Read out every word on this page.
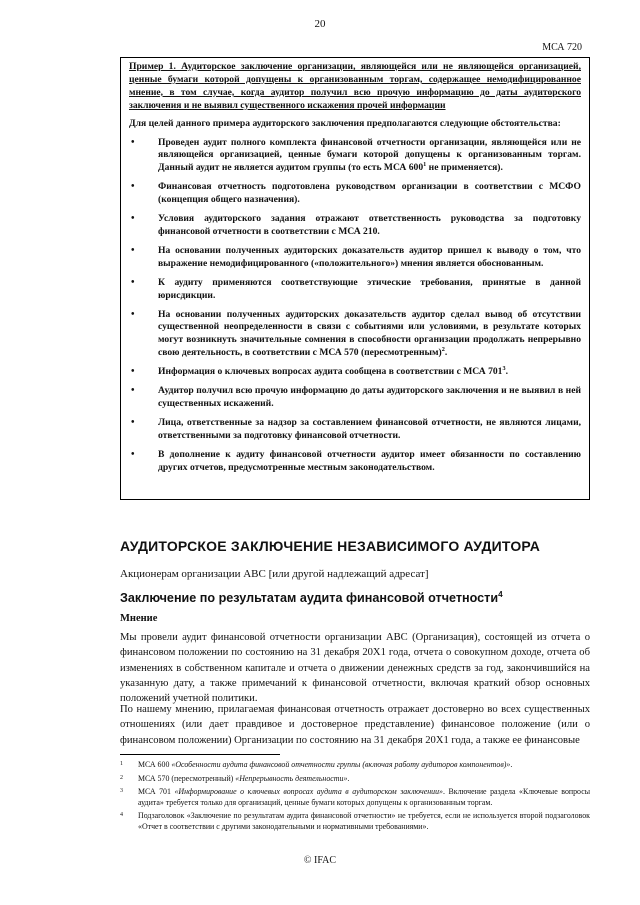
20
МСА 720

Пример 1. Аудиторское заключение организации, являющейся или не являющейся организацией, ценные бумаги которой допущены к организованным торгам, содержащее немодифицированное мнение, в том случае, когда аудитор получил всю прочую информацию до даты аудиторского заключения и не выявил существенного искажения прочей информации

Для целей данного примера аудиторского заключения предполагаются следующие обстоятельства:

• Проведен аудит полного комплекта финансовой отчетности организации, являющейся или не являющейся организацией, ценные бумаги которой допущены к организованным торгам. Данный аудит не является аудитом группы (то есть МСА $600^1$ не применяется).
• Финансовая отчетность подготовлена руководством организации в соответствии с МСФО (концепция общего назначения).
• Условия аудиторского задания отражают ответственность руководства за подготовку финансовой отчетности в соответствии с МСА 210.
• На основании полученных аудиторских доказательств аудитор пришел к выводу о том, что выражение немодифицированного («положительного») мнения является обоснованным.
• К аудиту применяются соответствующие этические требования, принятые в данной юрисдикции.
• На основании полученных аудиторских доказательств аудитор сделал вывод об отсутствии существенной неопределенности в связи с событиями или условиями, в результате которых могут возникнуть значительные сомнения в способности организации продолжать непрерывно свою деятельность, в соответствии с МСА 570 (пересмотренным)$^2$.
• Информация о ключевых вопросах аудита сообщена в соответствии с МСА $701^3$.
• Аудитор получил всю прочую информацию до даты аудиторского заключения и не выявил в ней существенных искажений.
• Лица, ответственные за надзор за составлением финансовой отчетности, не являются лицами, ответственными за подготовку финансовой отчетности.
• В дополнение к аудиту финансовой отчетности аудитор имеет обязанности по составлению других отчетов, предусмотренные местным законодательством.
АУДИТОРСКОЕ ЗАКЛЮЧЕНИЕ НЕЗАВИСИМОГО АУДИТОРА
Акционерам организации ABC [или другой надлежащий адресат]
Заключение по результатам аудита финансовой отчетности$^4$
Мнение

Мы провели аудит финансовой отчетности организации ABC (Организация), состоящей из отчета о финансовом положении по состоянию на 31 декабря 20X1 года, отчета о совокупном доходе, отчета об изменениях в собственном капитале и отчета о движении денежных средств за год, закончившийся на указанную дату, а также примечаний к финансовой отчетности, включая краткий обзор основных положений учетной политики.

По нашему мнению, прилагаемая финансовая отчетность отражает достоверно во всех существенных отношениях (или дает правдивое и достоверное представление) финансовое положение (или о финансовом положении) Организации по состоянию на 31 декабря 20X1 года, а также ее финансовые

1 МСА 600 «Особенности аудита финансовой отчетности группы (включая работу аудиторов компонентов)».
2 МСА 570 (пересмотренный) «Непрерывность деятельности».
3 МСА 701 «Информирование о ключевых вопросах аудита в аудиторском заключении». Включение раздела «Ключевые вопросы аудита» требуется только для организаций, ценные бумаги которых допущены к организованным торгам.
4 Подзаголовок «Заключение по результатам аудита финансовой отчетности» не требуется, если не используется второй подзаголовок «Отчет в соответствии с другими законодательными и нормативными требованиями».
© IFAC
